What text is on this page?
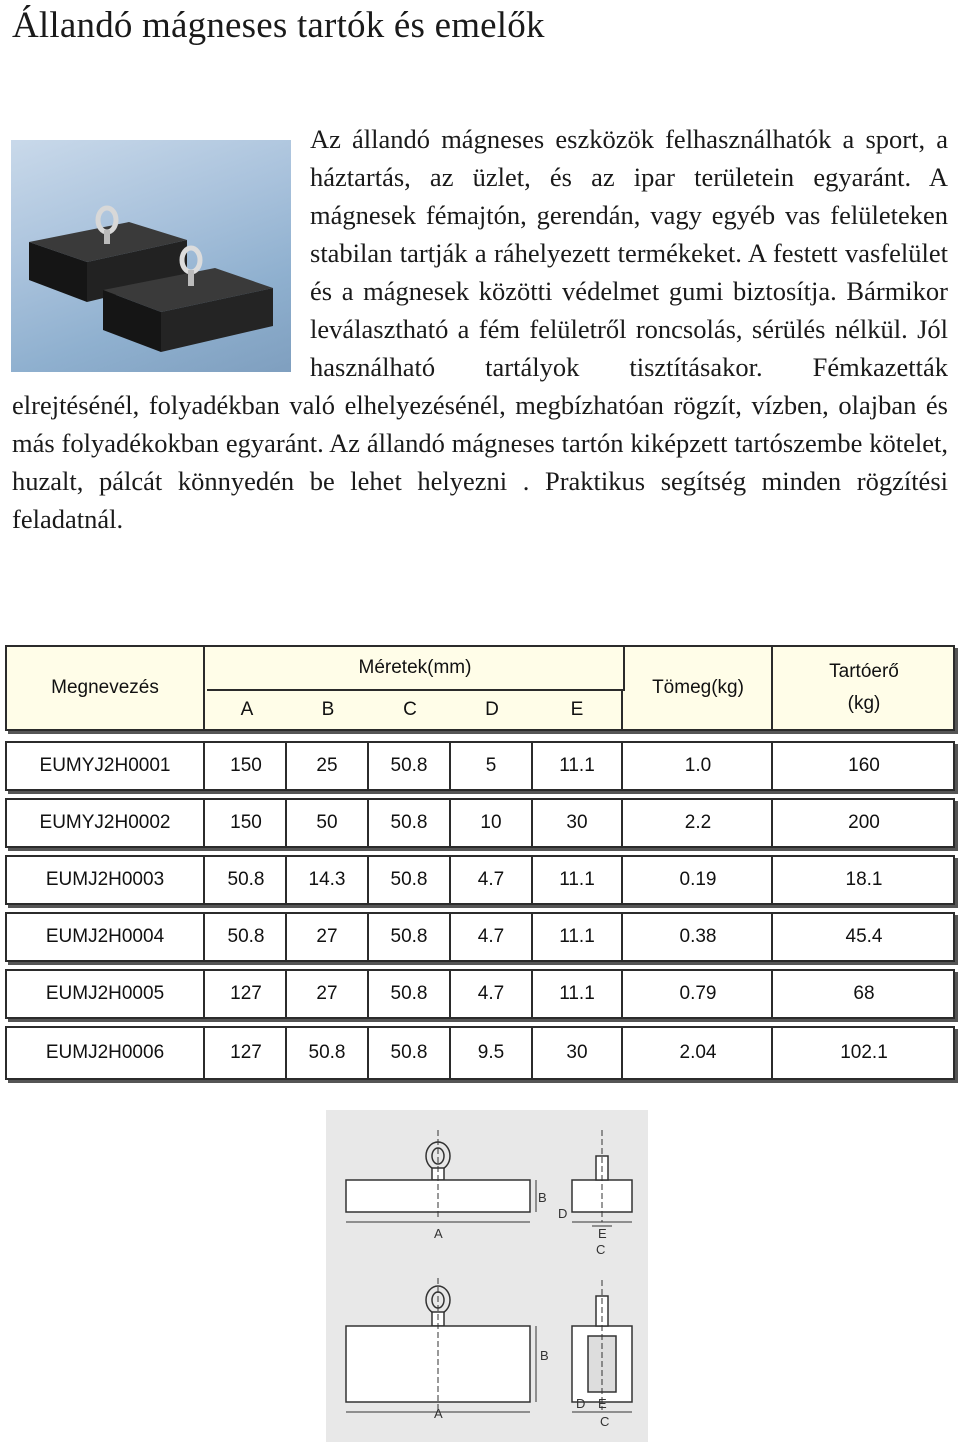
Állandó mágneses tartók és emelők

Az állandó mágneses eszközök felhasználhatók a sport, a háztartás, az üzlet, és az ipar területein egyaránt. A mágnesek fémajtón, gerendán, vagy egyéb vas felületeken stabilan tartják a ráhelyezett termékeket. A festett vasfelület és a mágnesek közötti védelmet gumi biztosítja. Bármikor leválasztható a fém felületről roncsolás, sérülés nélkül. Jól használható tartályok tisztításakor. Fémkazetták elrejtésénél, folyadékban való elhelyezésénél, megbízhatóan rögzít, vízben, olajban és más folyadékokban egyaránt. Az állandó mágneses tartón kiképzett tartószembe kötelet, huzalt, pálcát könnyedén be lehet helyezni . Praktikus segítség minden rögzítési feladatnál.

Megnevezés
Méretek(mm)
A	B	C	D	E
Tömeg(kg)
Tartóerő
(kg)
EUMYJ2H0001	150	25	50.8	5	11.1	1.0	160
EUMYJ2H0002	150	50	50.8	10	30	2.2	200
EUMJ2H0003	50.8	14.3	50.8	4.7	11.1	0.19	18.1
EUMJ2H0004	50.8	27	50.8	4.7	11.1	0.38	45.4
EUMJ2H0005	127	27	50.8	4.7	11.1	0.79	68
EUMJ2H0006	127	50.8	50.8	9.5	30	2.04	102.1
A
B
D
E
C
A
B
D E
C
